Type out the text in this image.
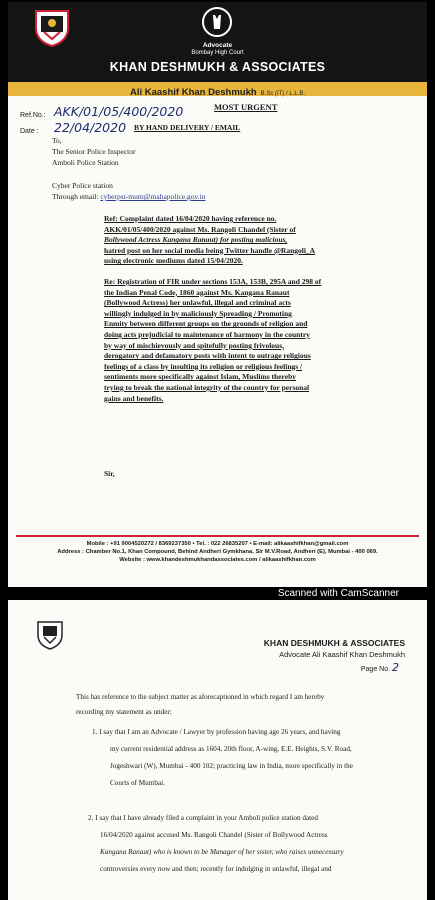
Advocate
Bombay High Court
KHAN DESHMUKH & ASSOCIATES
Ali Kaashif Khan Deshmukh B.Sc (IT) / L.L.B.
Ref.No.: AKK/01/05/400/2020	MOST URGENT
Date : 22/04/2020 BY HAND DELIVERY / EMAIL
To,
The Senior Police Inspector
Amboli Police Station
Cyber Police station
Through email: cyberpst-mum@mahapolice.gov.in
Ref: Complaint dated 16/04/2020 having reference no.
AKK/01/05/400/2020 against Ms. Rangoli Chandel (Sister of
Bollywood Actress Kangana Ranaut) for posting malicious,
hatred post on her social media being Twitter handle @Rangoli_A
using electronic mediums dated 15/04/2020.
Re: Registration of FIR under sections 153A, 153B, 295A and 298 of
the Indian Penal Code, 1860 against Ms. Kangana Ranaut
(Bollywood Actress) her unlawful, illegal and criminal acts
willingly indulged in by maliciously Spreading / Promoting
Enmity between different groups on the grounds of religion and
doing acts prejudicial to maintenance of harmony in the country
by way of mischievously and spitefully posting frivolous,
derogatory and defamatory posts with intent to outrage religious
feelings of a class by insulting its religion or religious feelings /
sentiments more specifically against Islam, Muslims thereby
trying to break the national integrity of the country for personal
gains and benefits.
Sir,
Mobile : +91 9004520272 / 8369237350 • Tel. : 022 26835207 • E-mail: alikaashifkhan@gmail.com
Address : Chamber No.1, Khan Compound, Behind Andheri Gymkhana, Sir M.V.Road, Andheri (E), Mumbai - 400 069.
Website : www.khandeshmukhandassociates.com / alikaashifkhan.com
Scanned with CamScanner
KHAN DESHMUKH & ASSOCIATES
Advocate Ali Kaashif Khan Deshmukh
Page No. 2
This has reference to the subject matter as aforecaptioned in which regard I am hereby
recording my statement as under:
1. I say that I am an Advocate / Lawyer by profession having age 26 years, and having
my current residential address as 1604, 20th floor, A-wing, E.E. Heights, S.V. Road,
Jogeshwari (W), Mumbai - 400 102; practicing law in India, more specifically in the
Courts of Mumbai.
2. I say that I have already filed a complaint in your Amboli police station dated
16/04/2020 against accused Ms. Rangoli Chandel (Sister of Bollywood Actress
Kangana Ranaut) who is known to be Manager of her sister, who raises unnecessary
controversies every now and then; recently for indulging in unlawful, illegal and
